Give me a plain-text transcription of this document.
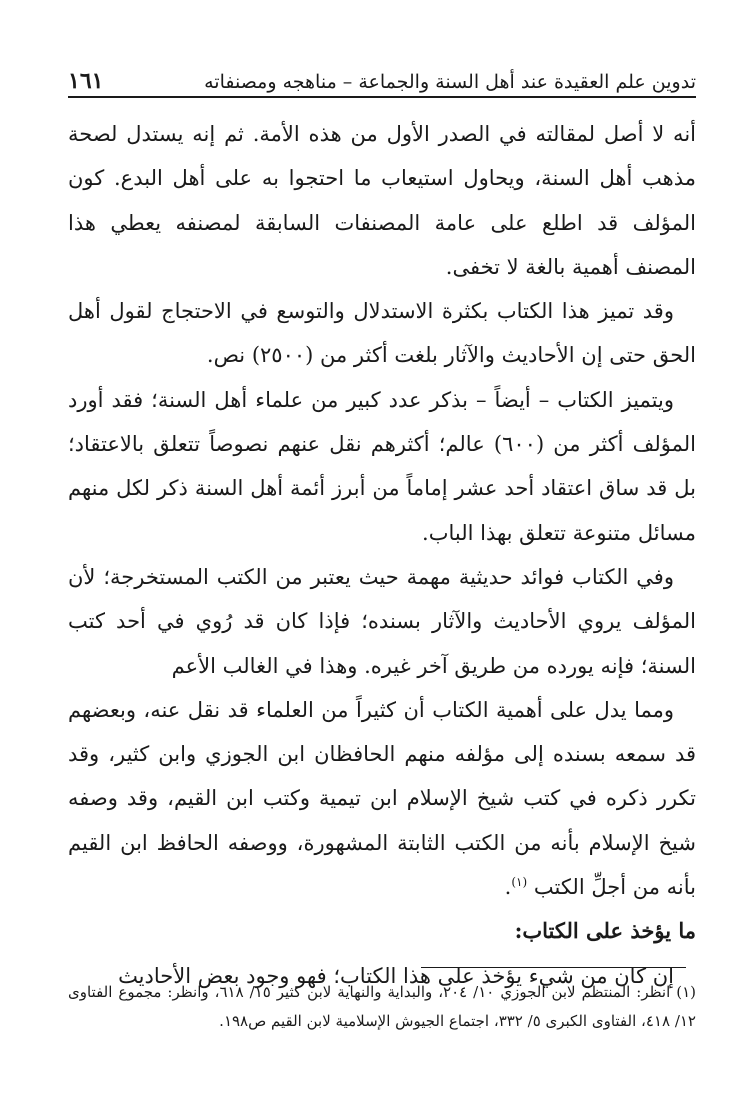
تدوين علم العقيدة عند أهل السنة والجماعة – مناهجه ومصنفاته
١٦١

أنه لا أصل لمقالته في الصدر الأول من هذه الأمة. ثم إنه يستدل لصحة مذهب أهل السنة، ويحاول استيعاب ما احتجوا به على أهل البدع. كون المؤلف قد اطلع على عامة المصنفات السابقة لمصنفه يعطي هذا المصنف أهمية بالغة لا تخفى.

وقد تميز هذا الكتاب بكثرة الاستدلال والتوسع في الاحتجاج لقول أهل الحق حتى إن الأحاديث والآثار بلغت أكثر من (٢٥٠٠) نص.

ويتميز الكتاب – أيضاً – بذكر عدد كبير من علماء أهل السنة؛ فقد أورد المؤلف أكثر من (٦٠٠) عالم؛ أكثرهم نقل عنهم نصوصاً تتعلق بالاعتقاد؛ بل قد ساق اعتقاد أحد عشر إماماً من أبرز أئمة أهل السنة ذكر لكل منهم مسائل متنوعة تتعلق بهذا الباب.

وفي الكتاب فوائد حديثية مهمة حيث يعتبر من الكتب المستخرجة؛ لأن المؤلف يروي الأحاديث والآثار بسنده؛ فإذا كان قد رُوي في أحد كتب السنة؛ فإنه يورده من طريق آخر غيره. وهذا في الغالب الأعم

ومما يدل على أهمية الكتاب أن كثيراً من العلماء قد نقل عنه، وبعضهم قد سمعه بسنده إلى مؤلفه منهم الحافظان ابن الجوزي وابن كثير، وقد تكرر ذكره في كتب شيخ الإسلام ابن تيمية وكتب ابن القيم، وقد وصفه شيخ الإسلام بأنه من الكتب الثابتة المشهورة، ووصفه الحافظ ابن القيم بأنه من أجلِّ الكتب $^{(١)}$.

ما يؤخذ على الكتاب:

إن كان من شيء يؤخذ على هذا الكتاب؛ فهو وجود بعض الأحاديث

(١) انظر: المنتظم لابن الجوزي ١٠/ ٢٠٤، والبداية والنهاية لابن كثير ١٥/ ٦١٨، وانظر: مجموع الفتاوى ١٢/ ٤١٨، الفتاوى الكبرى ٥/ ٣٣٢، اجتماع الجيوش الإسلامية لابن القيم ص١٩٨.
